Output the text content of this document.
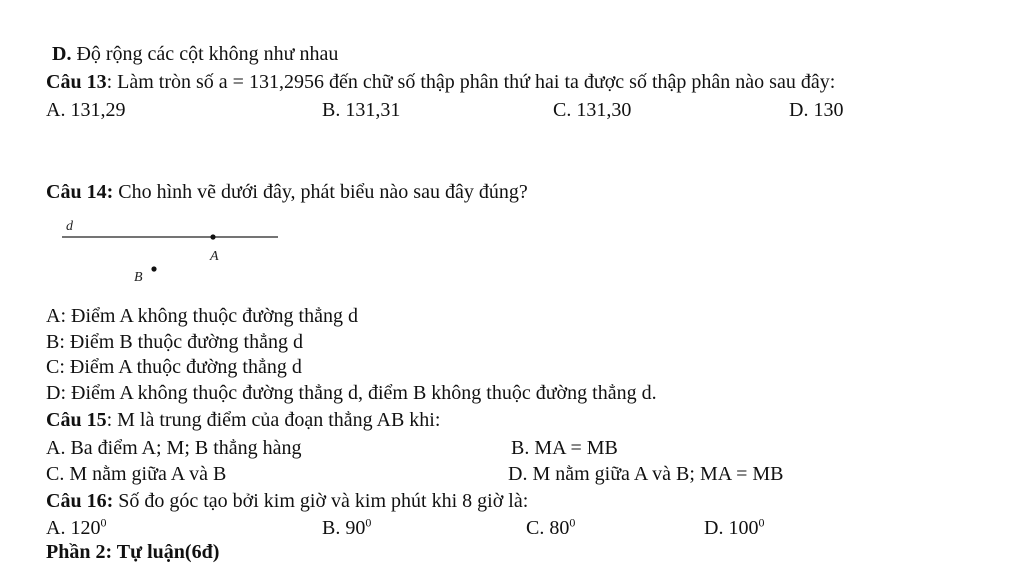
D. Độ rộng các cột không như nhau
Câu 13: Làm tròn số a = 131,2956 đến chữ số thập phân thứ hai ta được số thập phân nào sau đây:
A. 131,29	B. 131,31	C. 131,30	D. 130
Câu 14: Cho hình vẽ dưới đây, phát biểu nào sau đây đúng?
d
A
B
A: Điểm A không thuộc đường thẳng d
B: Điểm B thuộc đường thẳng d
C: Điểm A thuộc đường thẳng d
D: Điểm A không thuộc đường thẳng d, điểm B không thuộc đường thẳng d.
Câu 15: M là trung điểm của đoạn thẳng AB khi:
A. Ba điểm A; M; B thẳng hàng	B. MA = MB
C. M nằm giữa A và B	D. M nằm giữa A và B; MA = MB
Câu 16: Số đo góc tạo bởi kim giờ và kim phút khi 8 giờ là:
A. $120^0$	B. $90^0$	C. $80^0$	D. $100^0$
Phần 2: Tự luận(6đ)
